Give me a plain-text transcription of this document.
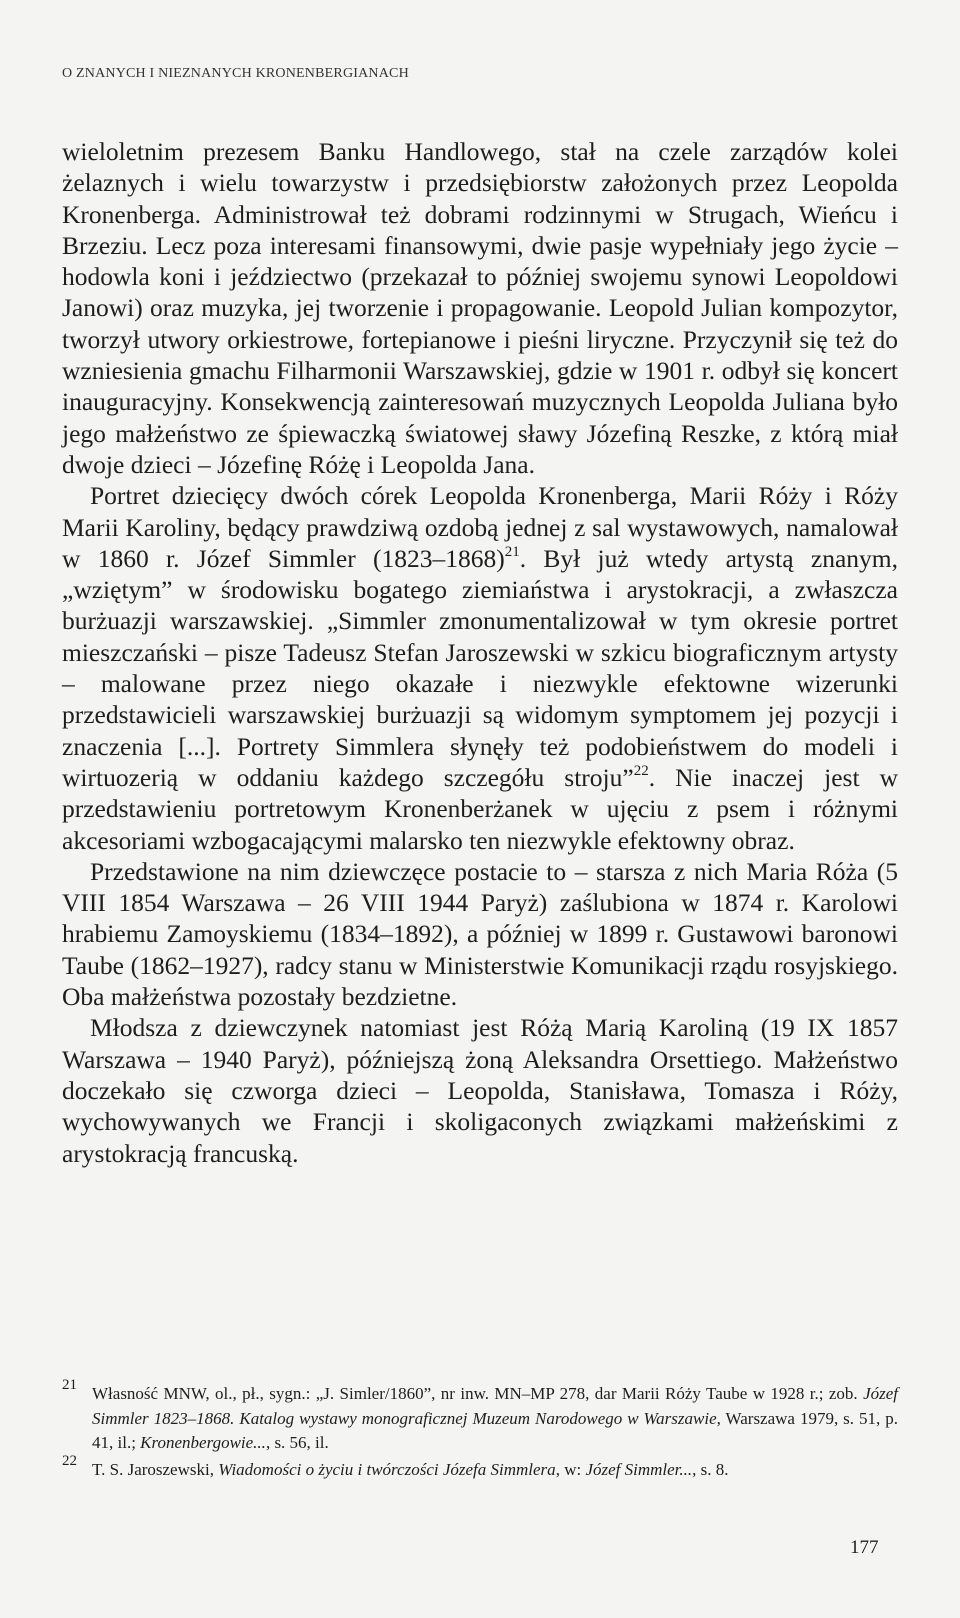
O ZNANYCH I NIEZNANYCH KRONENBERGIANACH

wieloletnim prezesem Banku Handlowego, stał na czele zarządów kolei żelaznych i wielu towarzystw i przedsiębiorstw założonych przez Leopolda Kronenberga. Administrował też dobrami rodzinnymi w Strugach, Wieńcu i Brzeziu. Lecz poza interesami finansowymi, dwie pasje wypełniały jego życie – hodowla koni i jeździectwo (przekazał to później swojemu synowi Leopoldowi Janowi) oraz muzyka, jej tworzenie i propagowanie. Leopold Julian kompozytor, tworzył utwory orkiestrowe, fortepianowe i pieśni liryczne. Przyczynił się też do wzniesienia gmachu Filharmonii Warszawskiej, gdzie w 1901 r. odbył się koncert inauguracyjny. Konsekwencją zainteresowań muzycznych Leopolda Juliana było jego małżeństwo ze śpiewaczką światowej sławy Józefiną Reszke, z którą miał dwoje dzieci – Józefinę Różę i Leopolda Jana.

Portret dziecięcy dwóch córek Leopolda Kronenberga, Marii Róży i Róży Marii Karoliny, będący prawdziwą ozdobą jednej z sal wystawowych, namalował w 1860 r. Józef Simmler (1823–1868)$^{21}$. Był już wtedy artystą znanym, „wziętym” w środowisku bogatego ziemiaństwa i arystokracji, a zwłaszcza burżuazji warszawskiej. „Simmler zmonumentalizował w tym okresie portret mieszczański – pisze Tadeusz Stefan Jaroszewski w szkicu biograficznym artysty – malowane przez niego okazałe i niezwykle efektowne wizerunki przedstawicieli warszawskiej burżuazji są widomym symptomem jej pozycji i znaczenia [...]. Portrety Simmlera słynęły też podobieństwem do modeli i wirtuozerią w oddaniu każdego szczegółu stroju”$^{22}$. Nie inaczej jest w przedstawieniu portretowym Kronenberżanek w ujęciu z psem i różnymi akcesoriami wzbogacającymi malarsko ten niezwykle efektowny obraz.

Przedstawione na nim dziewczęce postacie to – starsza z nich Maria Róża (5 VIII 1854 Warszawa – 26 VIII 1944 Paryż) zaślubiona w 1874 r. Karolowi hrabiemu Zamoyskiemu (1834–1892), a później w 1899 r. Gustawowi baronowi Taube (1862–1927), radcy stanu w Ministerstwie Komunikacji rządu rosyjskiego. Oba małżeństwa pozostały bezdzietne.

Młodsza z dziewczynek natomiast jest Różą Marią Karoliną (19 IX 1857 Warszawa – 1940 Paryż), późniejszą żoną Aleksandra Orsettiego. Małżeństwo doczekało się czworga dzieci – Leopolda, Stanisława, Tomasza i Róży, wychowywanych we Francji i skoligaconych związkami małżeńskimi z arystokracją francuską.

21 Własność MNW, ol., pł., sygn.: „J. Simler/1860”, nr inw. MN–MP 278, dar Marii Róży Taube w 1928 r.; zob. Józef Simmler 1823–1868. Katalog wystawy monograficznej Muzeum Narodowego w Warszawie, Warszawa 1979, s. 51, p. 41, il.; Kronenbergowie..., s. 56, il.

22 T. S. Jaroszewski, Wiadomości o życiu i twórczości Józefa Simmlera, w: Józef Simmler..., s. 8.

177
